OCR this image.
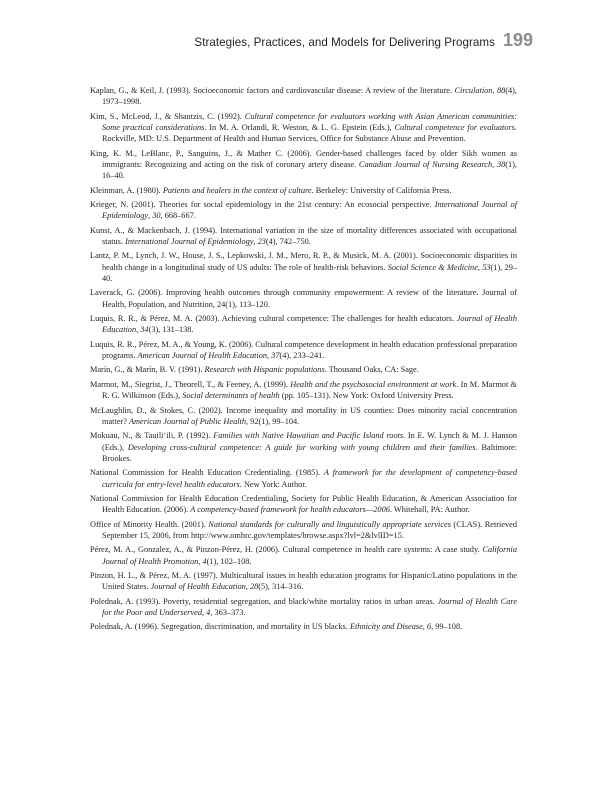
Strategies, Practices, and Models for Delivering Programs 199
Kaplan, G., & Keil, J. (1993). Socioeconomic factors and cardiovascular disease: A review of the literature. Circulation, 88(4), 1973–1998.
Kim, S., McLeod, J., & Shantzis, C. (1992). Cultural competence for evaluators working with Asian American communities: Some practical considerations. In M. A. Orlandi, R. Weston, & L. G. Epstein (Eds.), Cultural competence for evaluators. Rockville, MD: U.S. Department of Health and Human Services, Office for Substance Abuse and Prevention.
King, K. M., LeBlanc, P., Sanguins, J., & Mather C. (2006). Gender-based challenges faced by older Sikh women as immigrants: Recognizing and acting on the risk of coronary artery disease. Canadian Journal of Nursing Research, 38(1), 16–40.
Kleinman, A. (1980). Patients and healers in the context of culture. Berkeley: University of California Press.
Krieger, N. (2001). Theories for social epidemiology in the 21st century: An ecosocial perspective. International Journal of Epidemiology, 30, 668–667.
Kunst, A., & Mackenbach, J. (1994). International variation in the size of mortality differences associated with occupational status. International Journal of Epidemiology, 23(4), 742–750.
Lantz, P. M., Lynch, J. W., House, J. S., Lepkowski, J. M., Mero, R. P., & Musick, M. A. (2001). Socioeconomic disparities in health change in a longitudinal study of US adults: The role of health-risk behaviors. Social Science & Medicine, 53(1), 29–40.
Laverack, G. (2006). Improving health outcomes through community empowerment: A review of the literature. Journal of Health, Population, and Nutrition, 24(1), 113–120.
Luquis, R. R., & Pérez, M. A. (2003). Achieving cultural competence: The challenges for health educators. Journal of Health Education, 34(3), 131–138.
Luquis, R. R., Pérez, M. A., & Young, K. (2006). Cultural competence development in health education professional preparation programs. American Journal of Health Education, 37(4), 233–241.
Marín, G., & Marín, B. V. (1991). Research with Hispanic populations. Thousand Oaks, CA: Sage.
Marmot, M., Siegrist, J., Theorell, T., & Feeney, A. (1999). Health and the psychosocial environment at work. In M. Marmot & R. G. Wilkinson (Eds.), Social determinants of health (pp. 105–131). New York: Oxford University Press.
McLaughlin, D., & Stokes, C. (2002). Income inequality and mortality in US counties: Does minority racial concentration matter? American Journal of Public Health, 92(1), 99–104.
Mokuau, N., & Tauili‘ili, P. (1992). Families with Native Hawaiian and Pacific Island roots. In E. W. Lynch & M. J. Hanson (Eds.), Developing cross-cultural competence: A guide for working with young children and their families. Baltimore: Brookes.
National Commission for Health Education Credentialing. (1985). A framework for the development of competency-based curricula for entry-level health educators. New York: Author.
National Commission for Health Education Credentialing, Society for Public Health Education, & American Association for Health Education. (2006). A competency-based framework for health educators—2006. Whitehall, PA: Author.
Office of Minority Health. (2001). National standards for culturally and linguistically appropriate services (CLAS). Retrieved September 15, 2006, from http://www.omhrc.gov/templates/browse.aspx?lvl=2&lvlID=15.
Pérez, M. A., Gonzalez, A., & Pinzon-Pérez, H. (2006). Cultural competence in health care systems: A case study. California Journal of Health Promotion, 4(1), 102–108.
Pinzon, H. L., & Pérez, M. A. (1997). Multicultural issues in health education programs for Hispanic/Latino populations in the United States. Journal of Health Education, 28(5), 314–316.
Polednak, A. (1993). Poverty, residential segregation, and black/white mortality ratios in urban areas. Journal of Health Care for the Poor and Underserved, 4, 363–373.
Polednak, A. (1996). Segregation, discrimination, and mortality in US blacks. Ethnicity and Disease, 6, 99–108.
